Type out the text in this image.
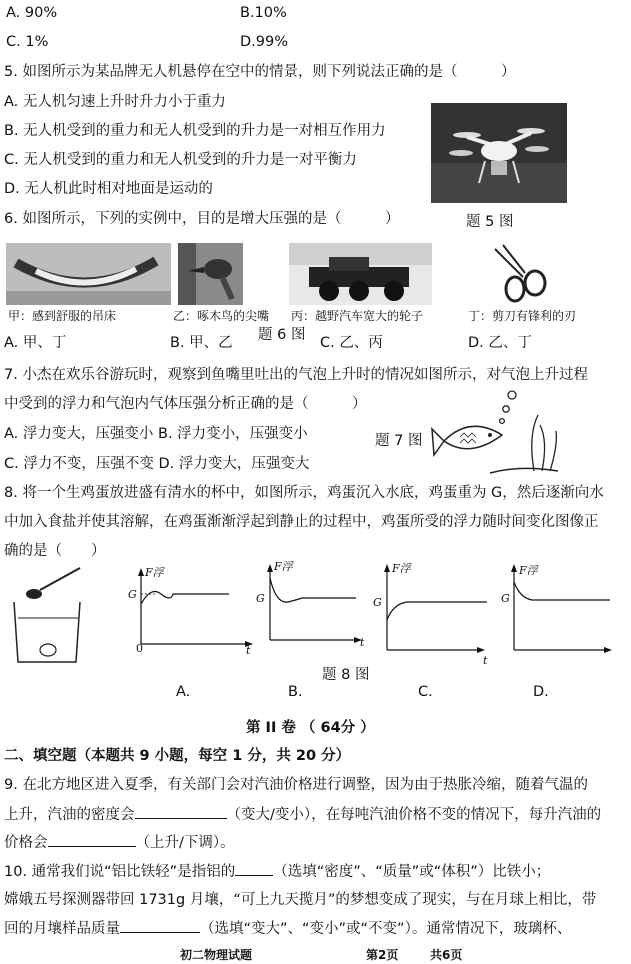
A. 90%	B.10%
C. 1%	D.99%
5. 如图所示为某品牌无人机悬停在空中的情景，则下列说法正确的是（　　　）
A. 无人机匀速上升时升力小于重力
B. 无人机受到的重力和无人机受到的升力是一对相互作用力
C. 无人机受到的重力和无人机受到的升力是一对平衡力
D. 无人机此时相对地面是运动的
题 5 图
6. 如图所示，下列的实例中，目的是增大压强的是（　　　）
甲：感到舒服的吊床	乙：啄木鸟的尖嘴 丙：越野汽车宽大的轮子	丁：剪刀有锋利的刃
题 6 图
A. 甲、丁	B. 甲、乙	C. 乙、丙	D. 乙、丁
7. 小杰在欢乐谷游玩时，观察到鱼嘴里吐出的气泡上升时的情况如图所示，对气泡上升过程
中受到的浮力和气泡内气体压强分析正确的是（　　　）
A. 浮力变大，压强变小 B. 浮力变小，压强变小
C. 浮力不变，压强不变 D. 浮力变大，压强变大
题 7 图
8. 将一个生鸡蛋放进盛有清水的杯中，如图所示，鸡蛋沉入水底，鸡蛋重为 G，然后逐渐向水
中加入食盐并使其溶解，在鸡蛋渐渐浮起到静止的过程中，鸡蛋所受的浮力随时间变化图像正
确的是（　　）
F浮
G
0	t
F浮
G
t
F浮
G
t
F浮
G
题 8 图
A.	B.	C.	D.
第 II 卷 （ 64分 ）
二、填空题（本题共 9 小题，每空 1 分，共 20 分）
9. 在北方地区进入夏季，有关部门会对汽油价格进行调整，因为由于热胀冷缩，随着气温的
上升，汽油的密度会	（变大/变小），在每吨汽油价格不变的情况下，每升汽油的
价格会	（上升/下调）。
10. 通常我们说“铝比铁轻”是指铝的	（选填“密度”、“质量”或“体积”）比铁小；
嫦娥五号探测器带回 1731g 月壤，“可上九天揽月”的梦想变成了现实，与在月球上相比，带
回的月壤样品质量	（选填“变大”、“变小”或“不变”）。通常情况下，玻璃杯、
初二物理试题	第2页	共6页
